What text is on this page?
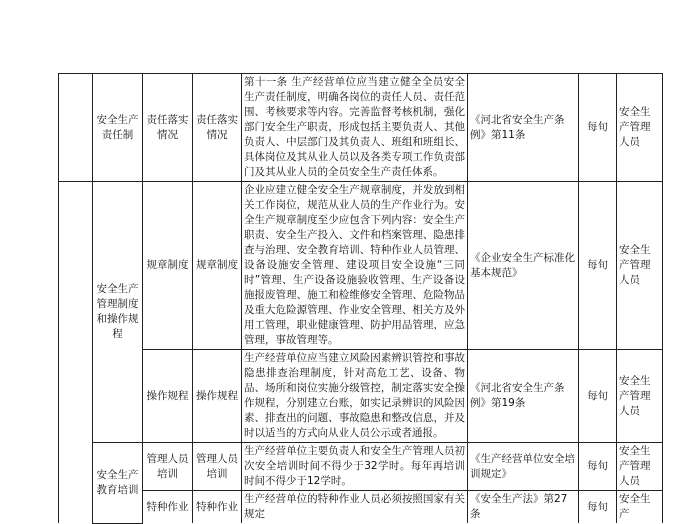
	安全生产责任制	责任落实情况	责任落实情况	第十一条 生产经营单位应当建立健全全员安全生产责任制度，明确各岗位的责任人员、责任范围、考核要求等内容。完善监督考核机制，强化部门安全生产职责，形成包括主要负责人、其他负责人、中层部门及其负责人、班组和班组长、具体岗位及其从业人员以及各类专项工作负责部门及其从业人员的全员安全生产责任体系。	《河北省安全生产条例》第11条	每旬	安全生产管理人员
	安全生产管理制度和操作规程	规章制度	规章制度	企业应建立健全安全生产规章制度，并发放到相关工作岗位，规范从业人员的生产作业行为。安全生产规章制度至少应包含下列内容：安全生产职责、安全生产投入、文件和档案管理、隐患排查与治理、安全教育培训、特种作业人员管理、设备设施安全管理、建设项目安全设施“三同时”管理、生产设备设施验收管理、生产设备设施报废管理、施工和检维修安全管理、危险物品及重大危险源管理、作业安全管理、相关方及外用工管理，职业健康管理、防护用品管理，应急管理，事故管理等。	《企业安全生产标准化基本规范》	每旬	安全生产管理人员
		操作规程	操作规程	生产经营单位应当建立风险因素辨识管控和事故隐患排查治理制度，针对高危工艺、设备、物品、场所和岗位实施分级管控，制定落实安全操作规程，分别建立台账，如实记录辨识的风险因素、排查出的问题、事故隐患和整改信息，并及时以适当的方式向从业人员公示或者通报。	《河北省安全生产条例》第19条	每旬	安全生产管理人员
	安全生产教育培训	管理人员培训	管理人员培训	生产经营单位主要负责人和安全生产管理人员初次安全培训时间不得少于32学时。每年再培训时间不得少于12学时。	《生产经营单位安全培训规定》	每旬	安全生产管理人员
		特种作业	特种作业	生产经营单位的特种作业人员必须按照国家有关规定	《安全生产法》第27条	每旬	安全生产
